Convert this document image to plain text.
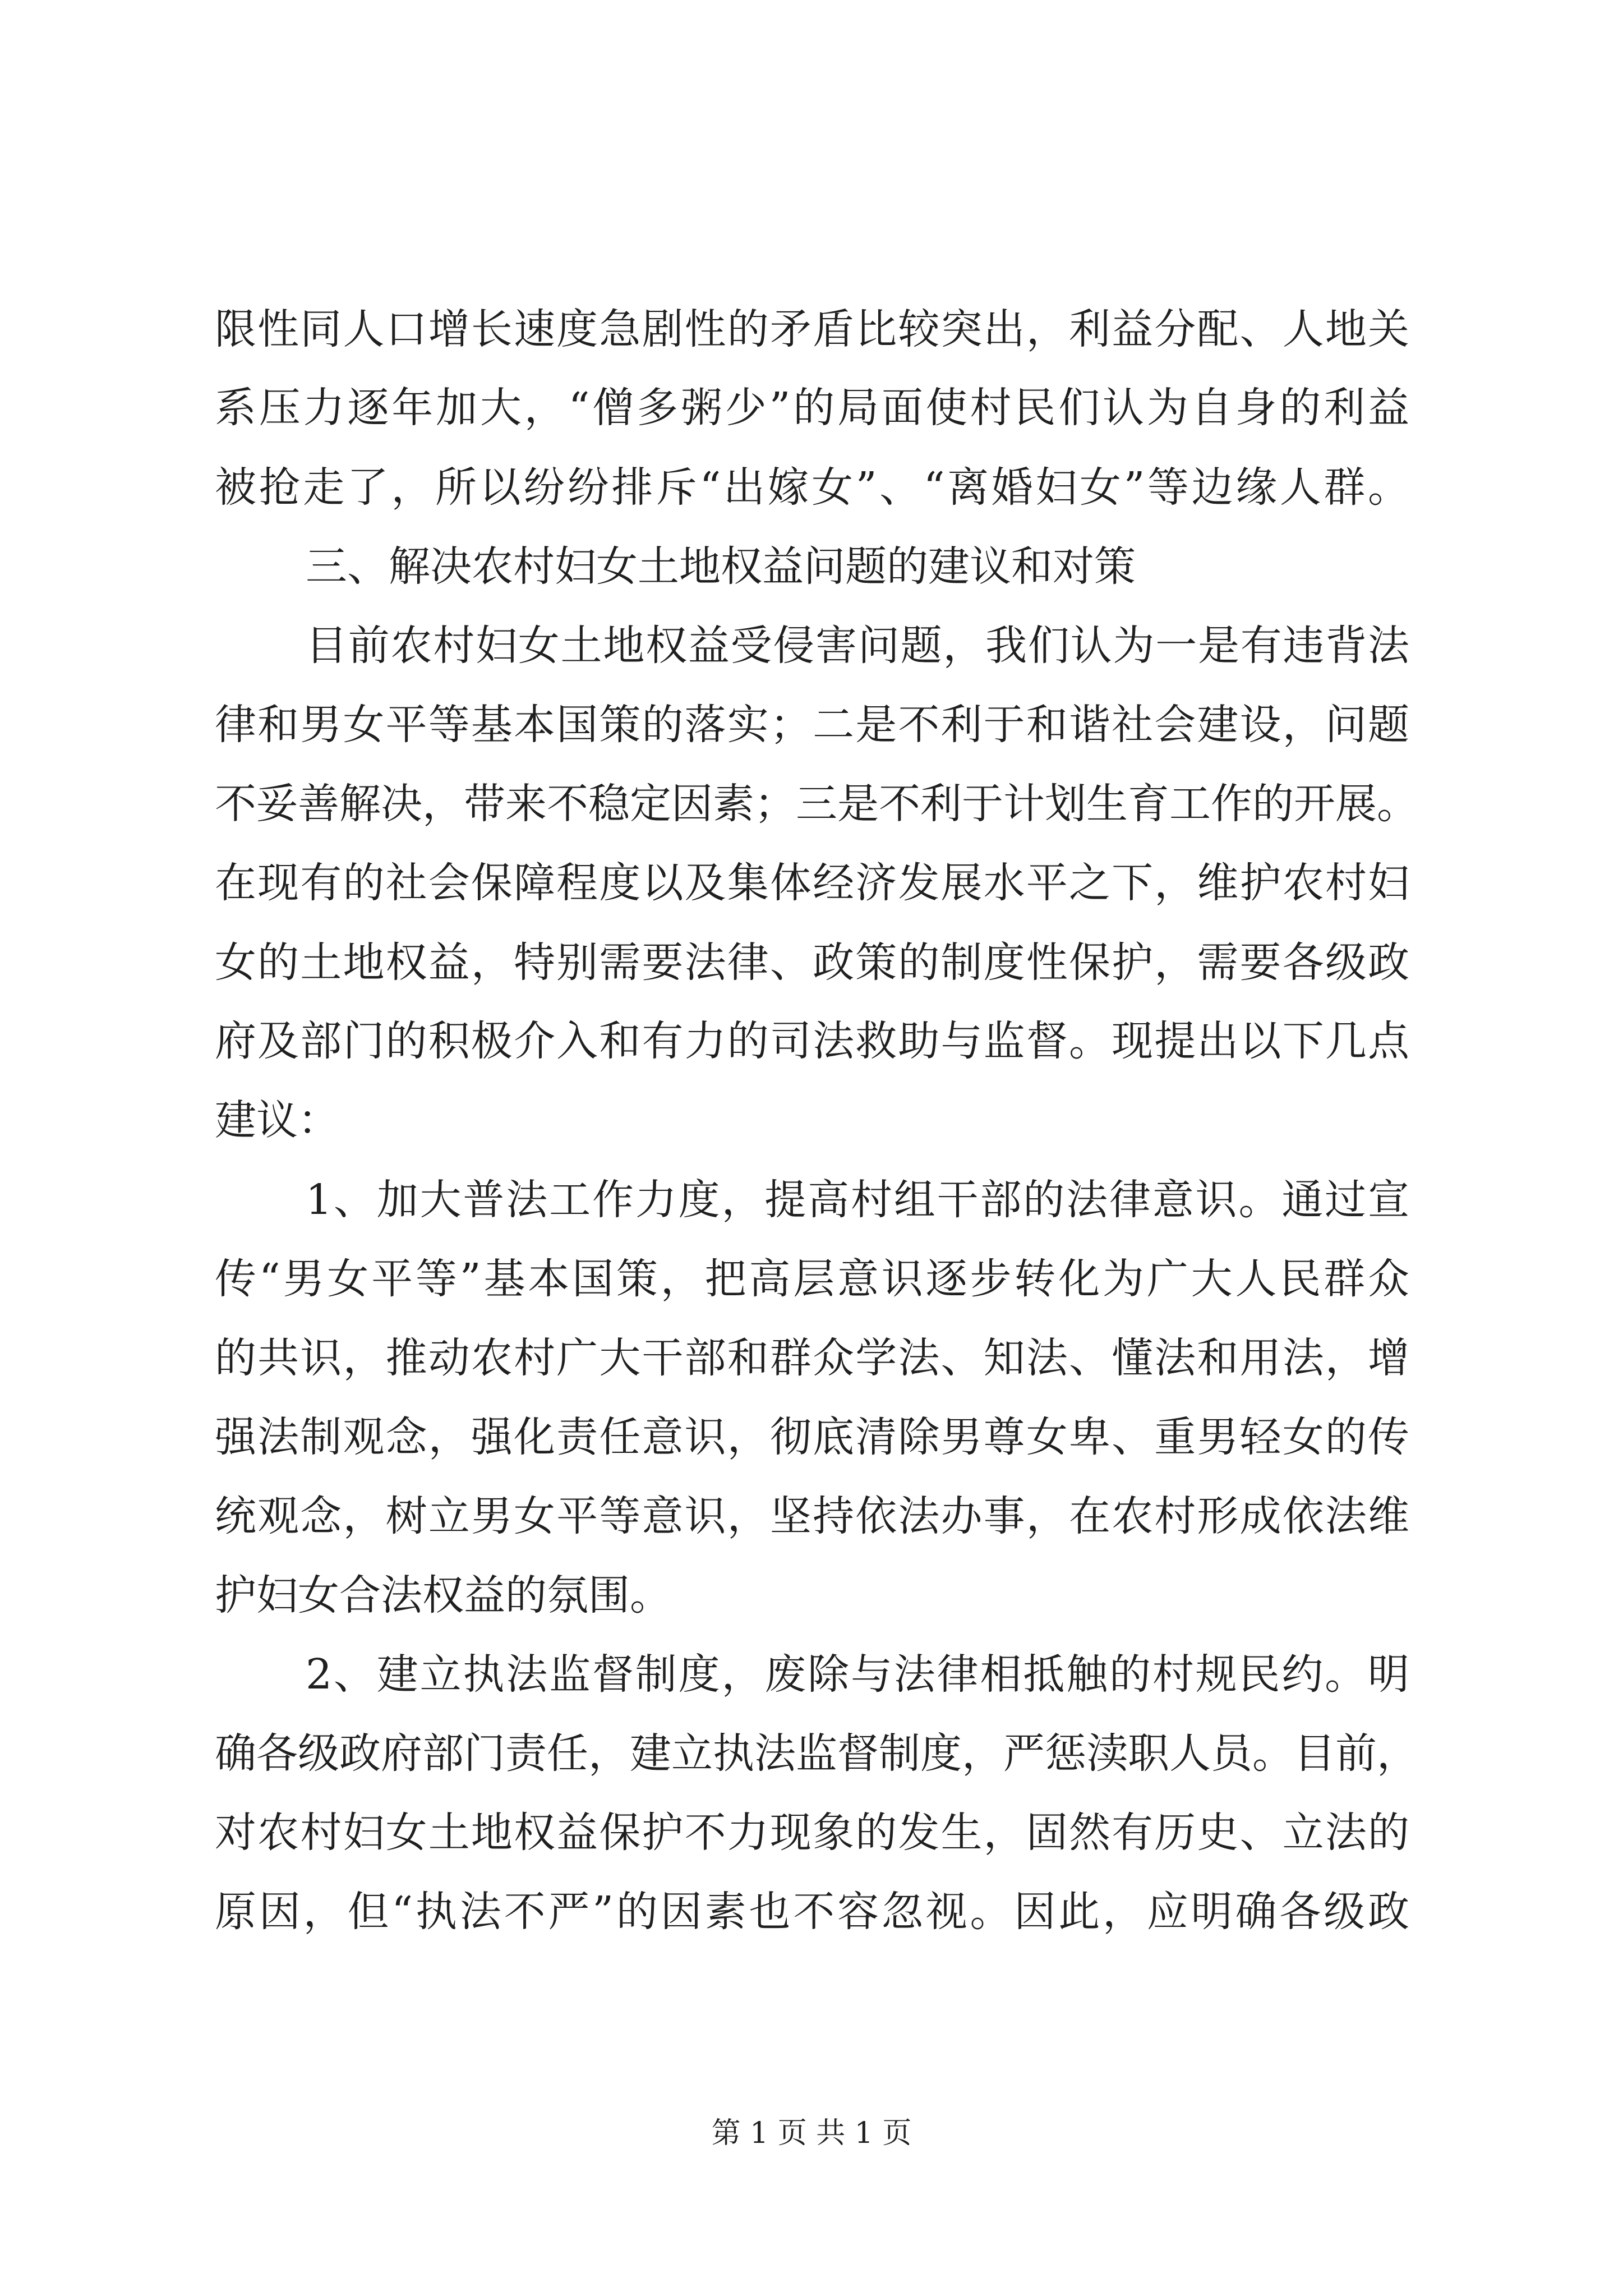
限性同人口增长速度急剧性的矛盾比较突出，利益分配、人地关
系压力逐年加大，“僧多粥少”的局面使村民们认为自身的利益
被抢走了，所以纷纷排斥“出嫁女”、“离婚妇女”等边缘人群。
三、解决农村妇女土地权益问题的建议和对策
目前农村妇女土地权益受侵害问题，我们认为一是有违背法
律和男女平等基本国策的落实；二是不利于和谐社会建设，问题
不妥善解决，带来不稳定因素；三是不利于计划生育工作的开展。
在现有的社会保障程度以及集体经济发展水平之下，维护农村妇
女的土地权益，特别需要法律、政策的制度性保护，需要各级政
府及部门的积极介入和有力的司法救助与监督。现提出以下几点
建议：
1、加大普法工作力度，提高村组干部的法律意识。通过宣
传“男女平等”基本国策，把高层意识逐步转化为广大人民群众
的共识，推动农村广大干部和群众学法、知法、懂法和用法，增
强法制观念，强化责任意识，彻底清除男尊女卑、重男轻女的传
统观念，树立男女平等意识，坚持依法办事，在农村形成依法维
护妇女合法权益的氛围。
2、建立执法监督制度，废除与法律相抵触的村规民约。明
确各级政府部门责任，建立执法监督制度，严惩渎职人员。目前，
对农村妇女土地权益保护不力现象的发生，固然有历史、立法的
原因，但“执法不严”的因素也不容忽视。因此，应明确各级政
第 1 页 共 1 页
